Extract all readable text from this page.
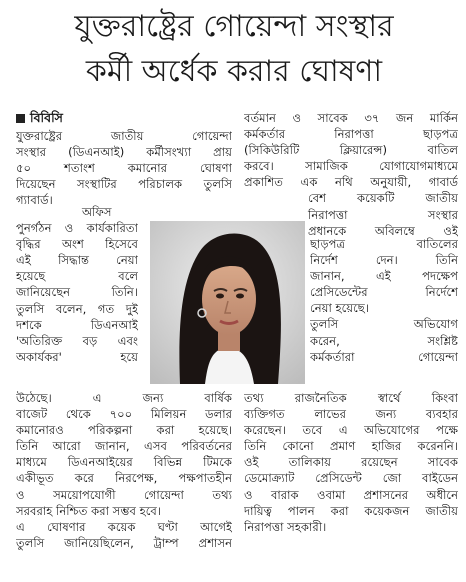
যুক্তরাষ্ট্রের গোয়েন্দা সংস্থার
কর্মী অর্ধেক করার ঘোষণা
বিবিসি
যুক্তরাষ্ট্রের জাতীয় গোয়েন্দা
সংস্থার (ডিএনআই) কর্মীসংখ্যা প্রায়
৫০ শতাংশ কমানোর ঘোষণা
দিয়েছেন সংস্থাটির পরিচালক তুলসি
গ্যাবার্ড।
অফিস
পুনর্গঠন ও কার্যকারিতা
বৃদ্ধির অংশ হিসেবে
এই সিদ্ধান্ত নেয়া
হয়েছে বলে
জানিয়েছেন তিনি।
তুলসি বলেন, গত দুই
দশকে ডিএনআই
'অতিরিক্ত বড় এবং
অকার্যকর' হয়ে
উঠেছে। এ জন্য বার্ষিক
বাজেট থেকে ৭০০ মিলিয়ন ডলার
কমানোরও পরিকল্পনা করা হয়েছে।
তিনি আরো জানান, এসব পরিবর্তনের
মাধ্যমে ডিএনআইয়ের বিভিন্ন টিমকে
একীভূত করে নিরপেক্ষ, পক্ষপাতহীন
ও সময়োপযোগী গোয়েন্দা তথ্য
সরবরাহ নিশ্চিত করা সম্ভব হবে।
এ ঘোষণার কয়েক ঘণ্টা আগেই
তুলসি জানিয়েছিলেন, ট্রাম্প প্রশাসন
বর্তমান ও সাবেক ৩৭ জন মার্কিন
কর্মকর্তার নিরাপত্তা ছাড়পত্র
(সিকিউরিটি ক্লিয়ারেন্স) বাতিল
করবে। সামাজিক যোগাযোগমাধ্যমে
প্রকাশিত এক নথি অনুযায়ী, গাবার্ড
বেশ কয়েকটি জাতীয়
নিরাপত্তা সংস্থার
প্রধানকে অবিলম্বে ওই
ছাড়পত্র বাতিলের
নির্দেশ দেন। তিনি
জানান, এই পদক্ষেপ
প্রেসিডেন্টের নির্দেশে
নেয়া হয়েছে।
তুলসি অভিযোগ
করেন, সংশ্লিষ্ট
কর্মকর্তারা গোয়েন্দা
তথ্য রাজনৈতিক স্বার্থে কিংবা
ব্যক্তিগত লাভের জন্য ব্যবহার
করেছেন। তবে এ অভিযোগের পক্ষে
তিনি কোনো প্রমাণ হাজির করেননি।
ওই তালিকায় রয়েছেন সাবেক
ডেমোক্র্যাট প্রেসিডেন্ট জো বাইডেন
ও বারাক ওবামা প্রশাসনের অধীনে
দায়িত্ব পালন করা কয়েকজন জাতীয়
নিরাপত্তা সহকারী।
